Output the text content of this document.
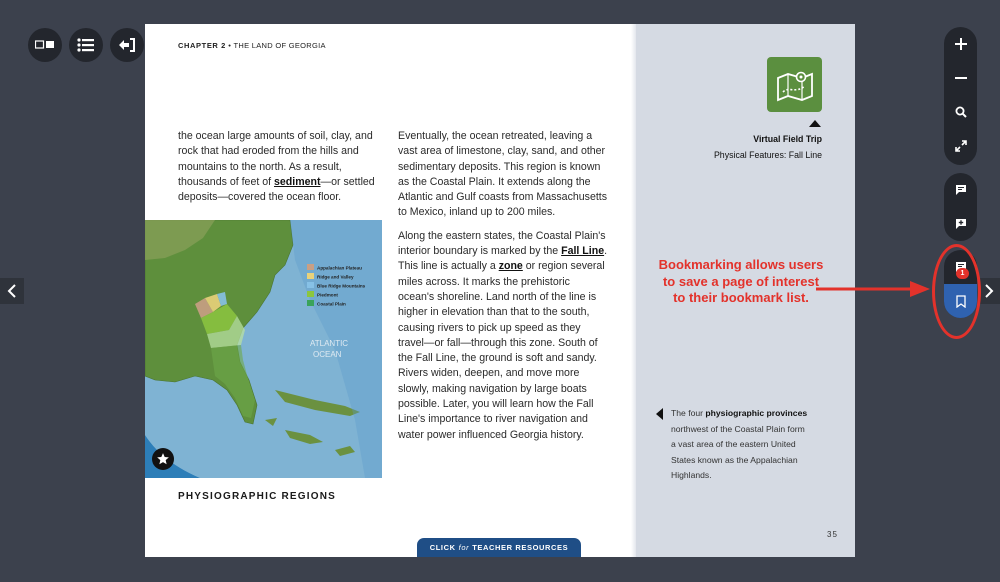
CHAPTER 2 • THE LAND OF GEORGIA
the ocean large amounts of soil, clay, and rock that had eroded from the hills and mountains to the north. As a result, thousands of feet of sediment—or settled deposits—covered the ocean floor.

Eventually, the ocean retreated, leaving a vast area of limestone, clay, sand, and other sedimentary deposits. This region is known as the Coastal Plain. It extends along the Atlantic and Gulf coasts from Massachusetts to Mexico, inland up to 200 miles.

Along the eastern states, the Coastal Plain's interior boundary is marked by the Fall Line. This line is actually a zone or region several miles across. It marks the prehistoric ocean's shoreline. Land north of the line is higher in elevation than that to the south, causing rivers to pick up speed as they travel—or fall—through this zone. South of the Fall Line, the ground is soft and sandy. Rivers widen, deepen, and move more slowly, making navigation by large boats possible. Later, you will learn how the Fall Line's importance to river navigation and water power influenced Georgia history.

ATLANTIC
OCEAN
Appalachian Plateau
Ridge and Valley
Blue Ridge Mountains
Piedmont
Coastal Plain
PHYSIOGRAPHIC REGIONS
CLICK for TEACHER RESOURCES
Virtual Field Trip
Physical Features: Fall Line
The four physiographic provinces northwest of the Coastal Plain form a vast area of the eastern United States known as the Appalachian Highlands.
35
1
Bookmarking allows users to save a page of interest to their bookmark list.
